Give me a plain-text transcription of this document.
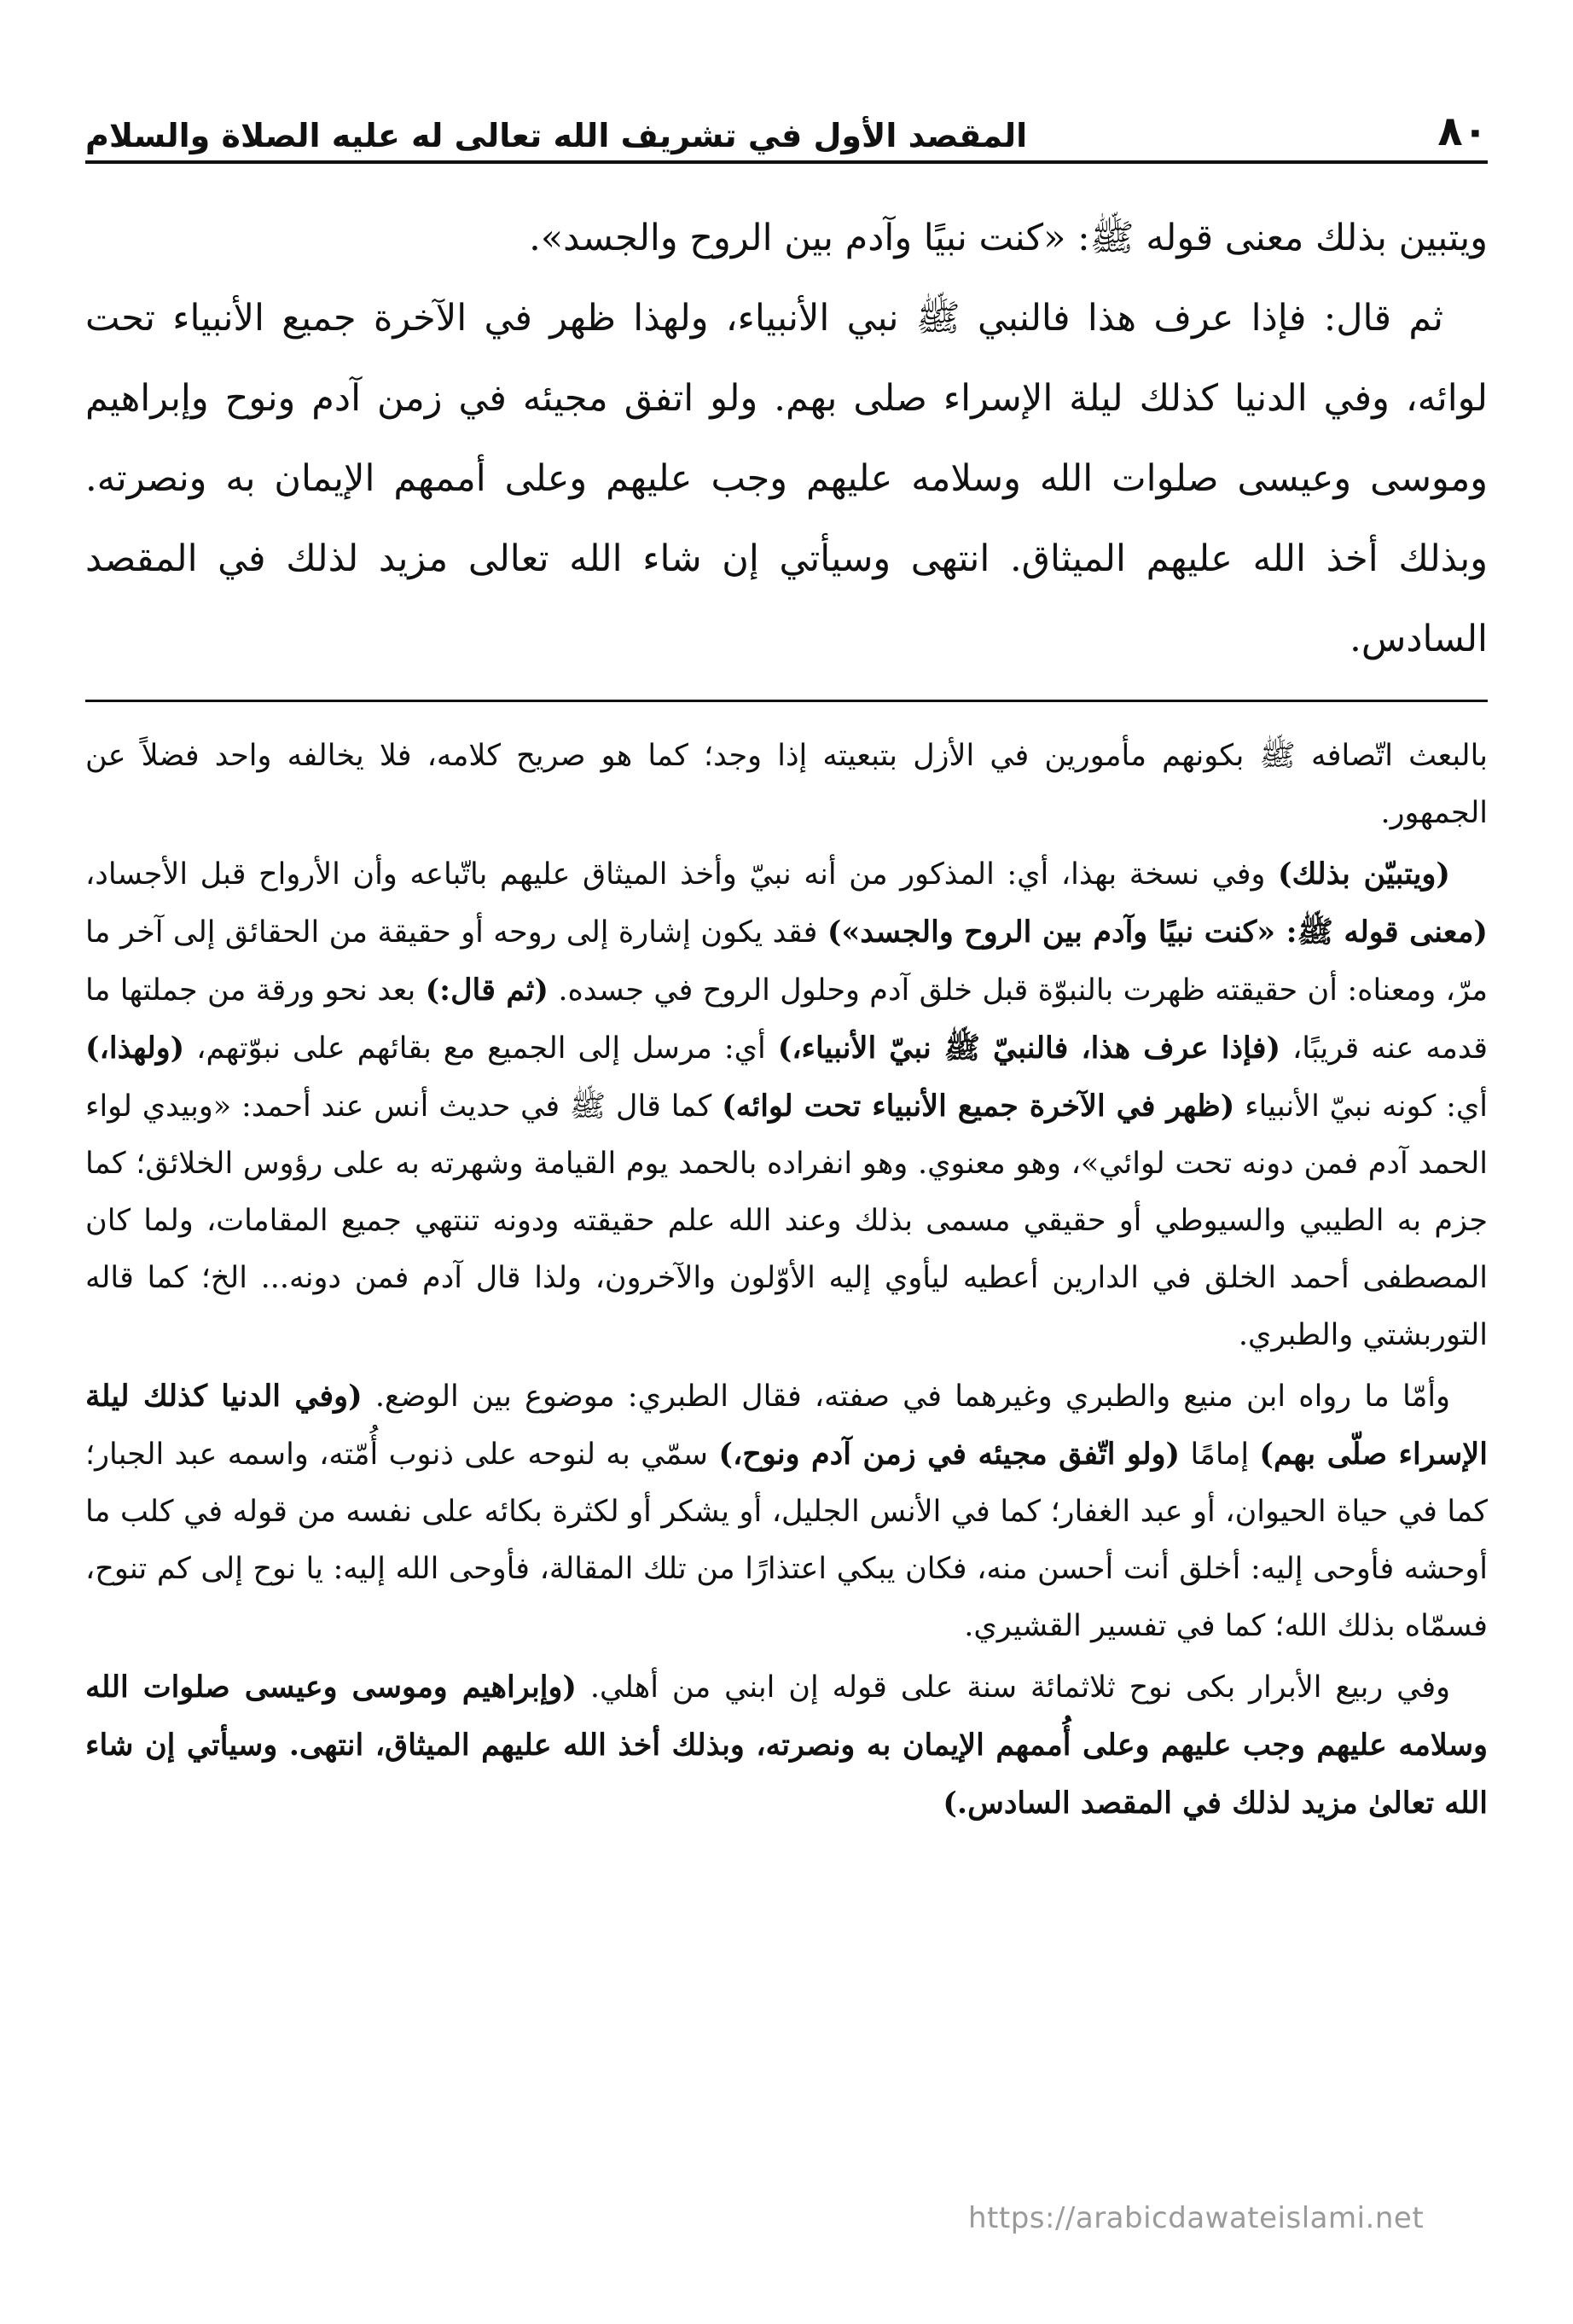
٨٠
المقصد الأول في تشريف الله تعالى له عليه الصلاة والسلام

ويتبين بذلك معنى قوله ﷺ: «كنت نبيًا وآدم بين الروح والجسد».

ثم قال: فإذا عرف هذا فالنبي ﷺ نبي الأنبياء، ولهذا ظهر في الآخرة جميع الأنبياء تحت لوائه، وفي الدنيا كذلك ليلة الإسراء صلى بهم. ولو اتفق مجيئه في زمن آدم ونوح وإبراهيم وموسى وعيسى صلوات الله وسلامه عليهم وجب عليهم وعلى أممهم الإيمان به ونصرته. وبذلك أخذ الله عليهم الميثاق. انتهى وسيأتي إن شاء الله تعالى مزيد لذلك في المقصد السادس.

بالبعث اتّصافه ﷺ بكونهم مأمورين في الأزل بتبعيته إذا وجد؛ كما هو صريح كلامه، فلا يخالفه واحد فضلاً عن الجمهور.

(ويتبيّن بذلك) وفي نسخة بهذا، أي: المذكور من أنه نبيّ وأخذ الميثاق عليهم باتّباعه وأن الأرواح قبل الأجساد، (معنى قوله ﷺ: «كنت نبيًا وآدم بين الروح والجسد») فقد يكون إشارة إلى روحه أو حقيقة من الحقائق إلى آخر ما مرّ، ومعناه: أن حقيقته ظهرت بالنبوّة قبل خلق آدم وحلول الروح في جسده. (ثم قال:) بعد نحو ورقة من جملتها ما قدمه عنه قريبًا، (فإذا عرف هذا، فالنبيّ ﷺ نبيّ الأنبياء،) أي: مرسل إلى الجميع مع بقائهم على نبوّتهم، (ولهذا،) أي: كونه نبيّ الأنبياء (ظهر في الآخرة جميع الأنبياء تحت لوائه) كما قال ﷺ في حديث أنس عند أحمد: «وبيدي لواء الحمد آدم فمن دونه تحت لوائي»، وهو معنوي. وهو انفراده بالحمد يوم القيامة وشهرته به على رؤوس الخلائق؛ كما جزم به الطيبي والسيوطي أو حقيقي مسمى بذلك وعند الله علم حقيقته ودونه تنتهي جميع المقامات، ولما كان المصطفى أحمد الخلق في الدارين أعطيه ليأوي إليه الأوّلون والآخرون، ولذا قال آدم فمن دونه... الخ؛ كما قاله التوربشتي والطبري.

وأمّا ما رواه ابن منيع والطبري وغيرهما في صفته، فقال الطبري: موضوع بين الوضع. (وفي الدنيا كذلك ليلة الإسراء صلّى بهم) إمامًا (ولو اتّفق مجيئه في زمن آدم ونوح،) سمّي به لنوحه على ذنوب أُمّته، واسمه عبد الجبار؛ كما في حياة الحيوان، أو عبد الغفار؛ كما في الأنس الجليل، أو يشكر أو لكثرة بكائه على نفسه من قوله في كلب ما أوحشه فأوحى إليه: أخلق أنت أحسن منه، فكان يبكي اعتذارًا من تلك المقالة، فأوحى الله إليه: يا نوح إلى كم تنوح، فسمّاه بذلك الله؛ كما في تفسير القشيري.

وفي ربيع الأبرار بكى نوح ثلاثمائة سنة على قوله إن ابني من أهلي. (وإبراهيم وموسى وعيسى صلوات الله وسلامه عليهم وجب عليهم وعلى أُممهم الإيمان به ونصرته، وبذلك أخذ الله عليهم الميثاق، انتهى. وسيأتي إن شاء الله تعالىٰ مزيد لذلك في المقصد السادس.)

https://arabicdawateislami.net
